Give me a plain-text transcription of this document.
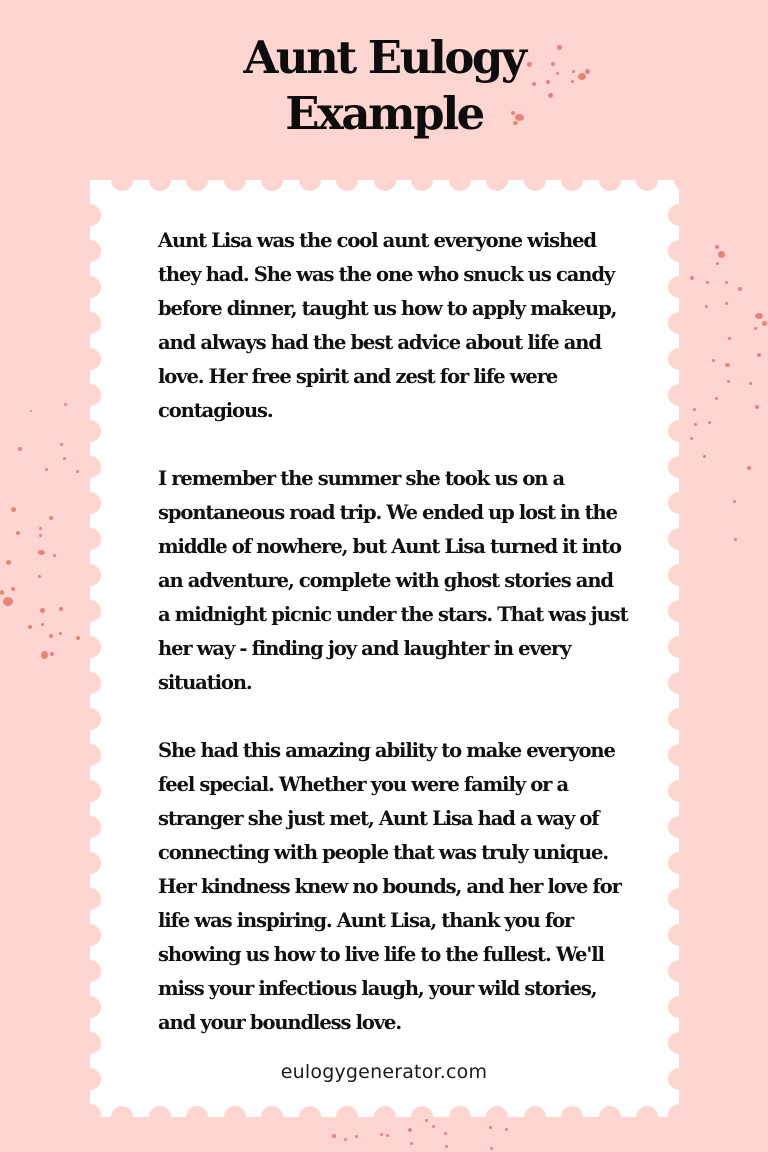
Aunt Eulogy
Example

Aunt Lisa was the cool aunt everyone wished they had. She was the one who snuck us candy before dinner, taught us how to apply makeup, and always had the best advice about life and love. Her free spirit and zest for life were contagious.

I remember the summer she took us on a spontaneous road trip. We ended up lost in the middle of nowhere, but Aunt Lisa turned it into an adventure, complete with ghost stories and a midnight picnic under the stars. That was just her way - finding joy and laughter in every situation.

She had this amazing ability to make everyone feel special. Whether you were family or a stranger she just met, Aunt Lisa had a way of connecting with people that was truly unique. Her kindness knew no bounds, and her love for life was inspiring. Aunt Lisa, thank you for showing us how to live life to the fullest. We'll miss your infectious laugh, your wild stories, and your boundless love.

eulogygenerator.com
